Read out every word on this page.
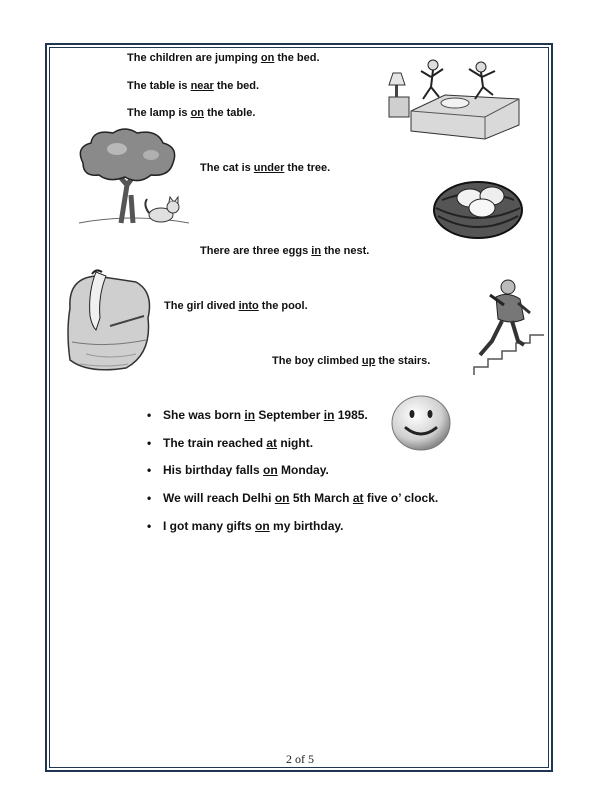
The children are jumping on the bed.
The table is near the bed.
The lamp is on the table.
The cat is under the tree.
There are three eggs in the nest.
The girl dived into the pool.
The boy climbed up the stairs.
• She was born in September in 1985.
• The train reached at night.
• His birthday falls on Monday.
• We will reach Delhi on 5th March at five o’ clock.
• I got many gifts on my birthday.
2 of 5
